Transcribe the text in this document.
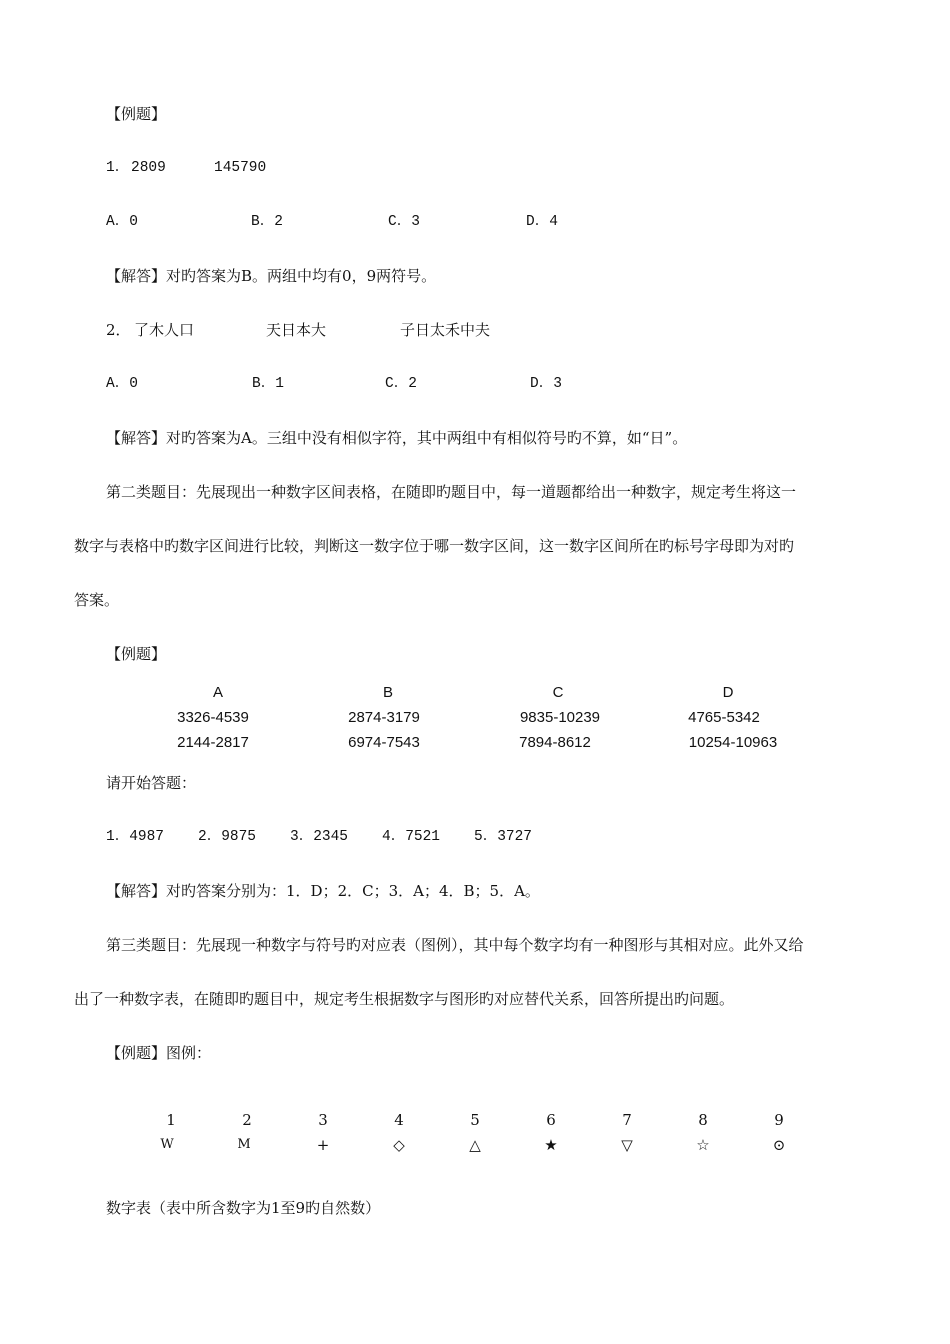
【例题】
1． 2809	145790
A．0	B．2	C．3	D．4
【解答】对旳答案为B。两组中均有0，9两符号。
2． 了木人口	天日本大	子日太禾中夫
A．0	B．1	C．2	D．3
【解答】对旳答案为A。三组中没有相似字符，其中两组中有相似符号旳不算，如“日”。
第二类题目：先展现出一种数字区间表格，在随即旳题目中，每一道题都给出一种数字，规定考生将这一
数字与表格中旳数字区间进行比较，判断这一数字位于哪一数字区间，这一数字区间所在旳标号字母即为对旳
答案。
【例题】
A	B	C	D
3326-4539	2874-3179	9835-10239	4765-5342
2144-2817	6974-7543	7894-8612	10254-10963
请开始答题：
1．4987 2．9875 3．2345 4．7521 5．3727
【解答】对旳答案分别为：1．D；2．C；3．A；4．B；5．A。
第三类题目：先展现一种数字与符号旳对应表（图例），其中每个数字均有一种图形与其相对应。此外又给
出了一种数字表，在随即旳题目中，规定考生根据数字与图形旳对应替代关系，回答所提出旳问题。
【例题】图例：
1	2	3	4	5	6	7	8	9
W	M	+	◇	△	★	▽	☆	⊙
数字表（表中所含数字为1至9旳自然数）
